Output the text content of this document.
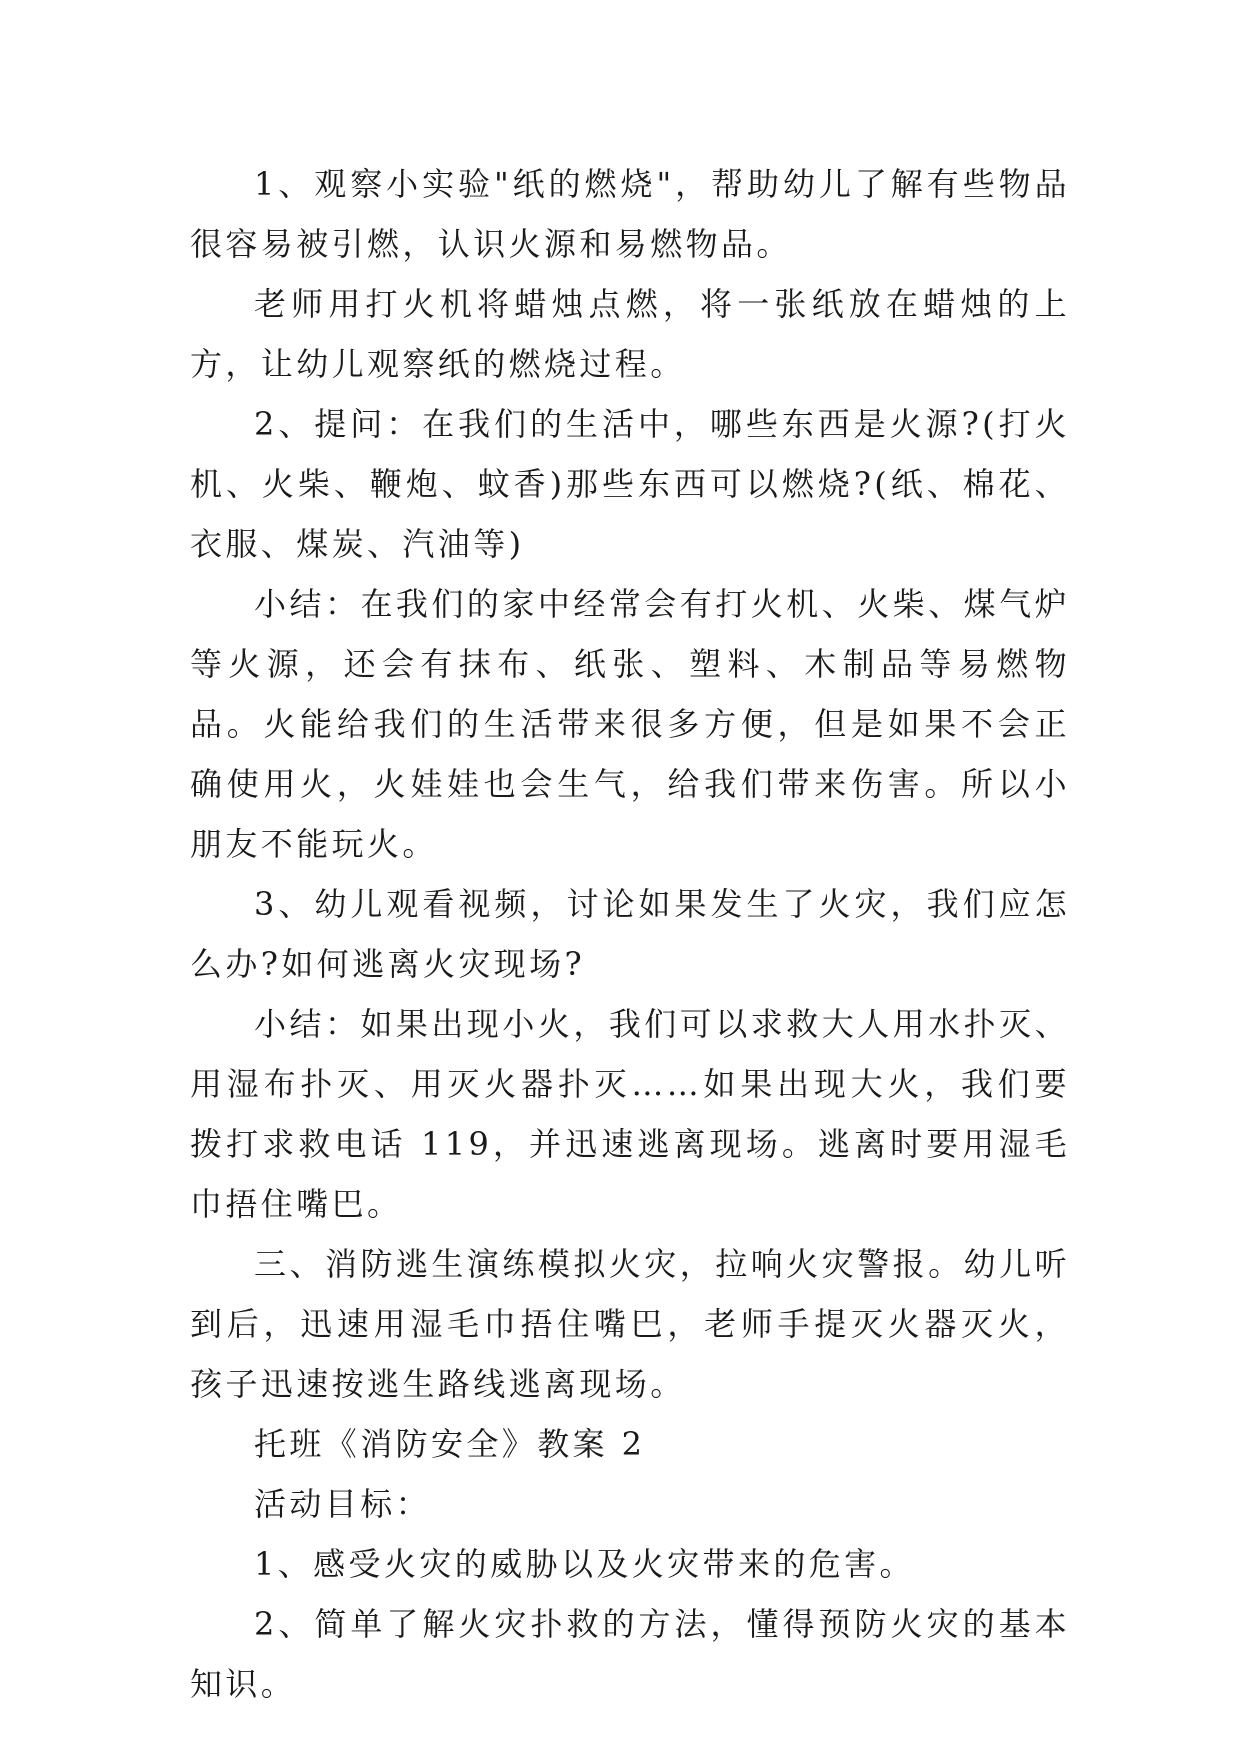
1、观察小实验"纸的燃烧"，帮助幼儿了解有些物品很容易被引燃，认识火源和易燃物品。

老师用打火机将蜡烛点燃，将一张纸放在蜡烛的上方，让幼儿观察纸的燃烧过程。

2、提问：在我们的生活中，哪些东西是火源?(打火机、火柴、鞭炮、蚊香)那些东西可以燃烧?(纸、棉花、衣服、煤炭、汽油等)

小结：在我们的家中经常会有打火机、火柴、煤气炉等火源，还会有抹布、纸张、塑料、木制品等易燃物品。火能给我们的生活带来很多方便，但是如果不会正确使用火，火娃娃也会生气，给我们带来伤害。所以小朋友不能玩火。

3、幼儿观看视频，讨论如果发生了火灾，我们应怎么办?如何逃离火灾现场?

小结：如果出现小火，我们可以求救大人用水扑灭、用湿布扑灭、用灭火器扑灭……如果出现大火，我们要拨打求救电话 119，并迅速逃离现场。逃离时要用湿毛巾捂住嘴巴。

三、消防逃生演练模拟火灾，拉响火灾警报。幼儿听到后，迅速用湿毛巾捂住嘴巴，老师手提灭火器灭火，孩子迅速按逃生路线逃离现场。

托班《消防安全》教案 2

活动目标：

1、感受火灾的威胁以及火灾带来的危害。

2、简单了解火灾扑救的方法，懂得预防火灾的基本知识。
